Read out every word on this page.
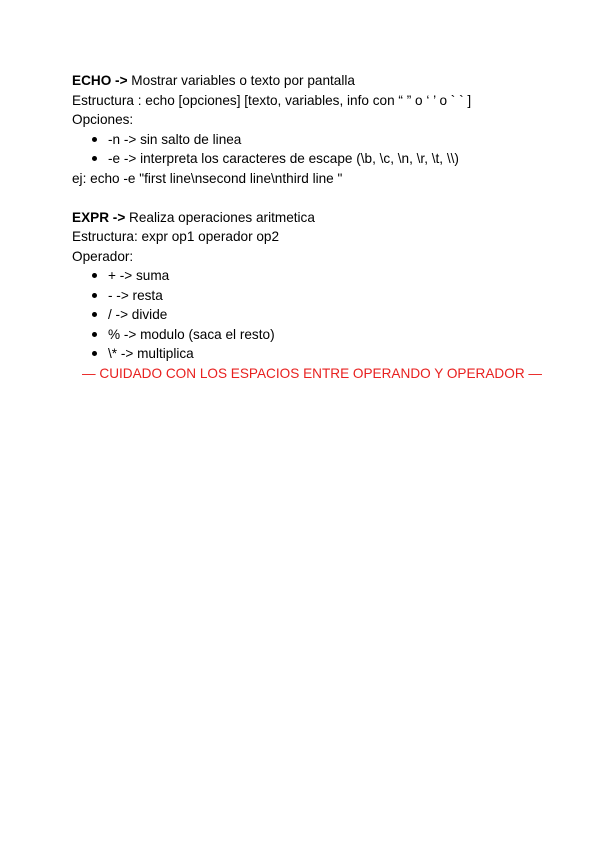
ECHO -> Mostrar variables o texto por pantalla

Estructura : echo [opciones] [texto, variables, info con “ ” o ‘ ’ o ` ` ]

Opciones:

-n -> sin salto de linea
-e -> interpreta los caracteres de escape (\b, \c, \n, \r, \t, \\)

ej: echo -e "first line\nsecond line\nthird line "

EXPR -> Realiza operaciones aritmetica

Estructura: expr op1 operador op2

Operador:

+ -> suma
- -> resta
/ -> divide
% -> modulo (saca el resto)
\* -> multiplica

— CUIDADO CON LOS ESPACIOS ENTRE OPERANDO Y OPERADOR —
